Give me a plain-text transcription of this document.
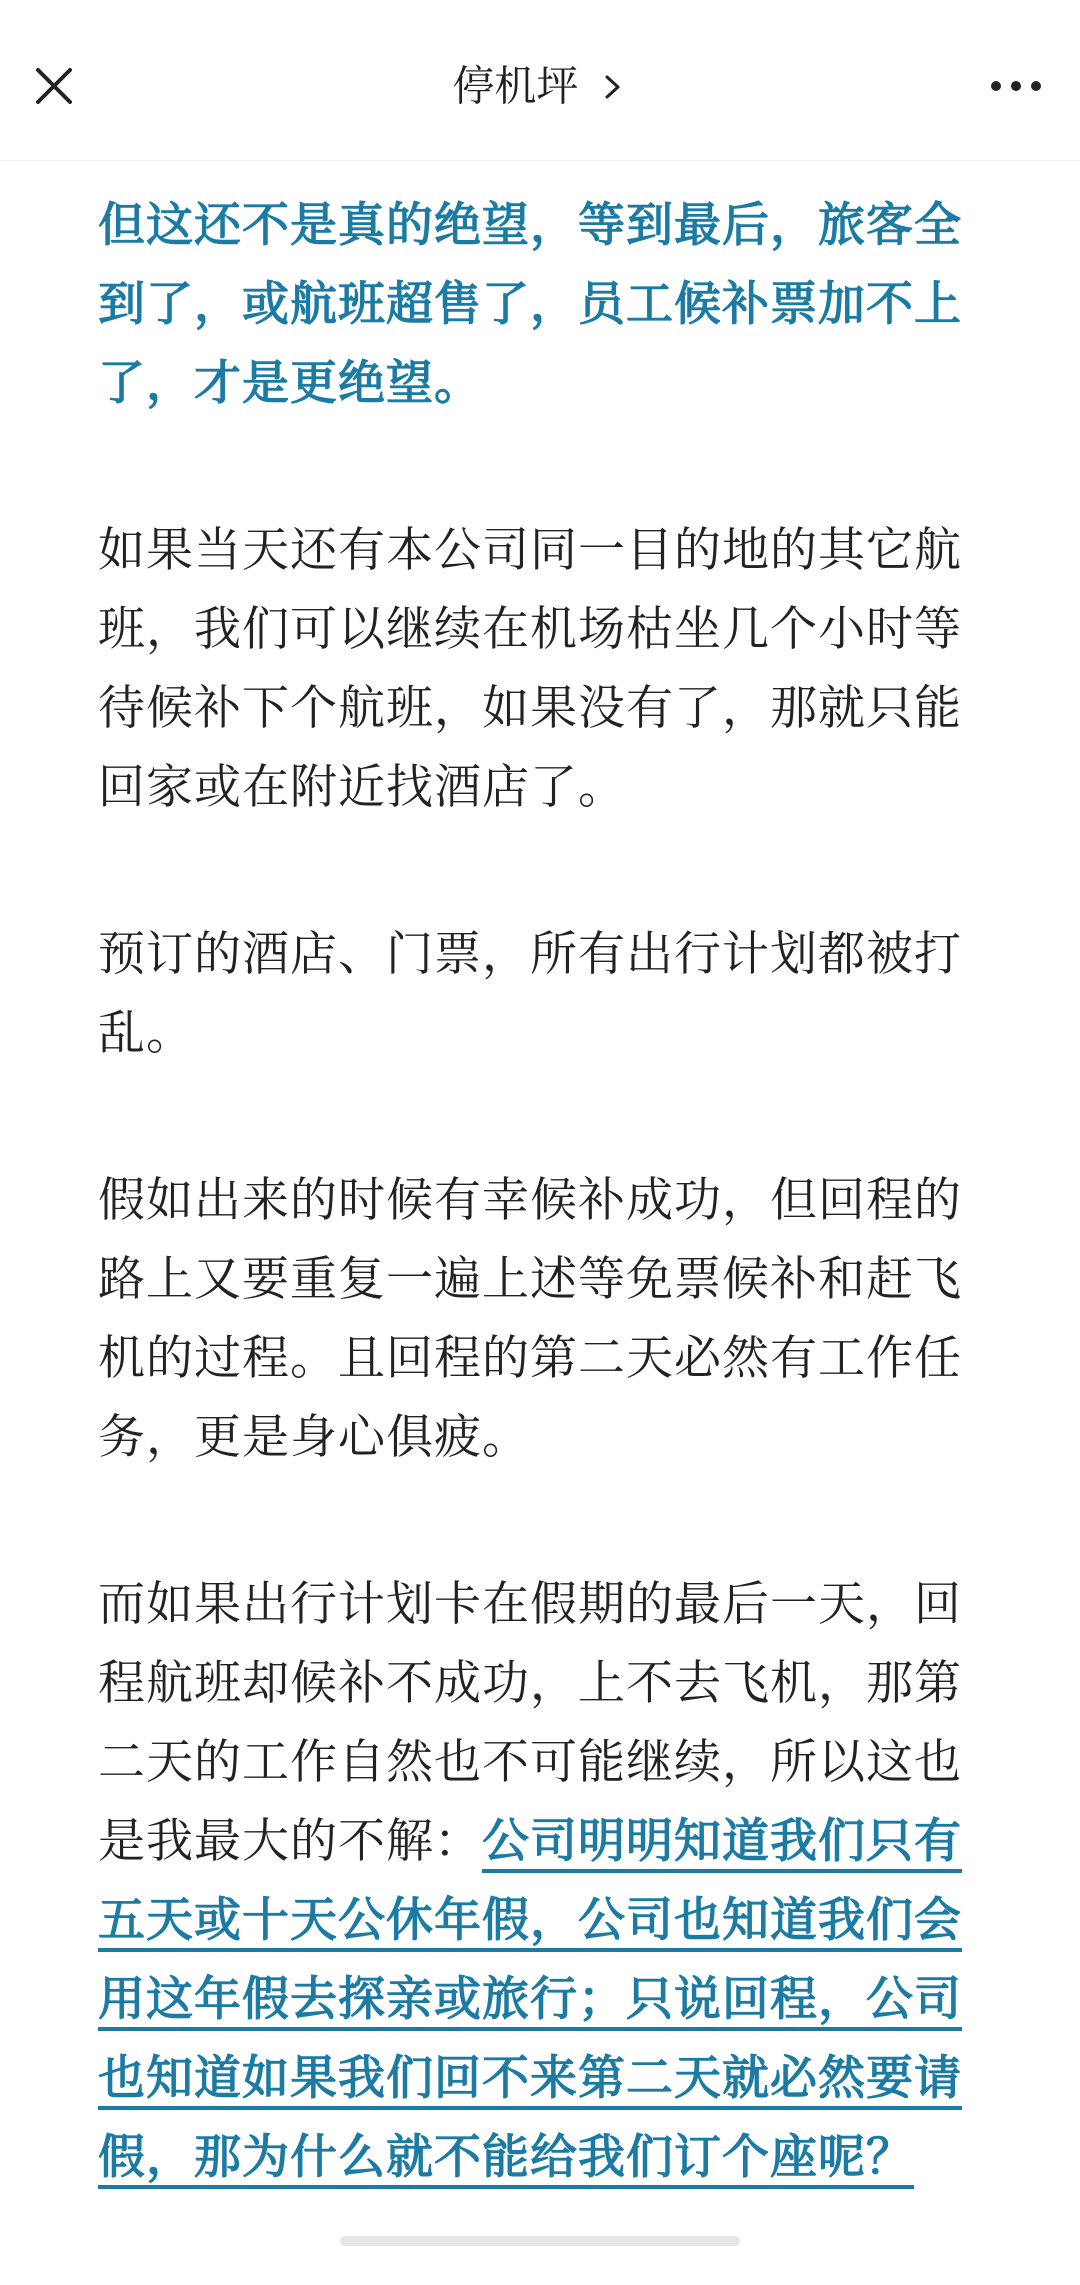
停机坪

但这还不是真的绝望，等到最后，旅客全到了，或航班超售了，员工候补票加不上了，才是更绝望。

如果当天还有本公司同一目的地的其它航班，我们可以继续在机场枯坐几个小时等待候补下个航班，如果没有了，那就只能回家或在附近找酒店了。

预订的酒店、门票，所有出行计划都被打乱。

假如出来的时候有幸候补成功，但回程的路上又要重复一遍上述等免票候补和赶飞机的过程。且回程的第二天必然有工作任务，更是身心俱疲。

而如果出行计划卡在假期的最后一天，回程航班却候补不成功，上不去飞机，那第二天的工作自然也不可能继续，所以这也是我最大的不解：公司明明知道我们只有五天或十天公休年假，公司也知道我们会用这年假去探亲或旅行；只说回程，公司也知道如果我们回不来第二天就必然要请假，那为什么就不能给我们订个座呢？
